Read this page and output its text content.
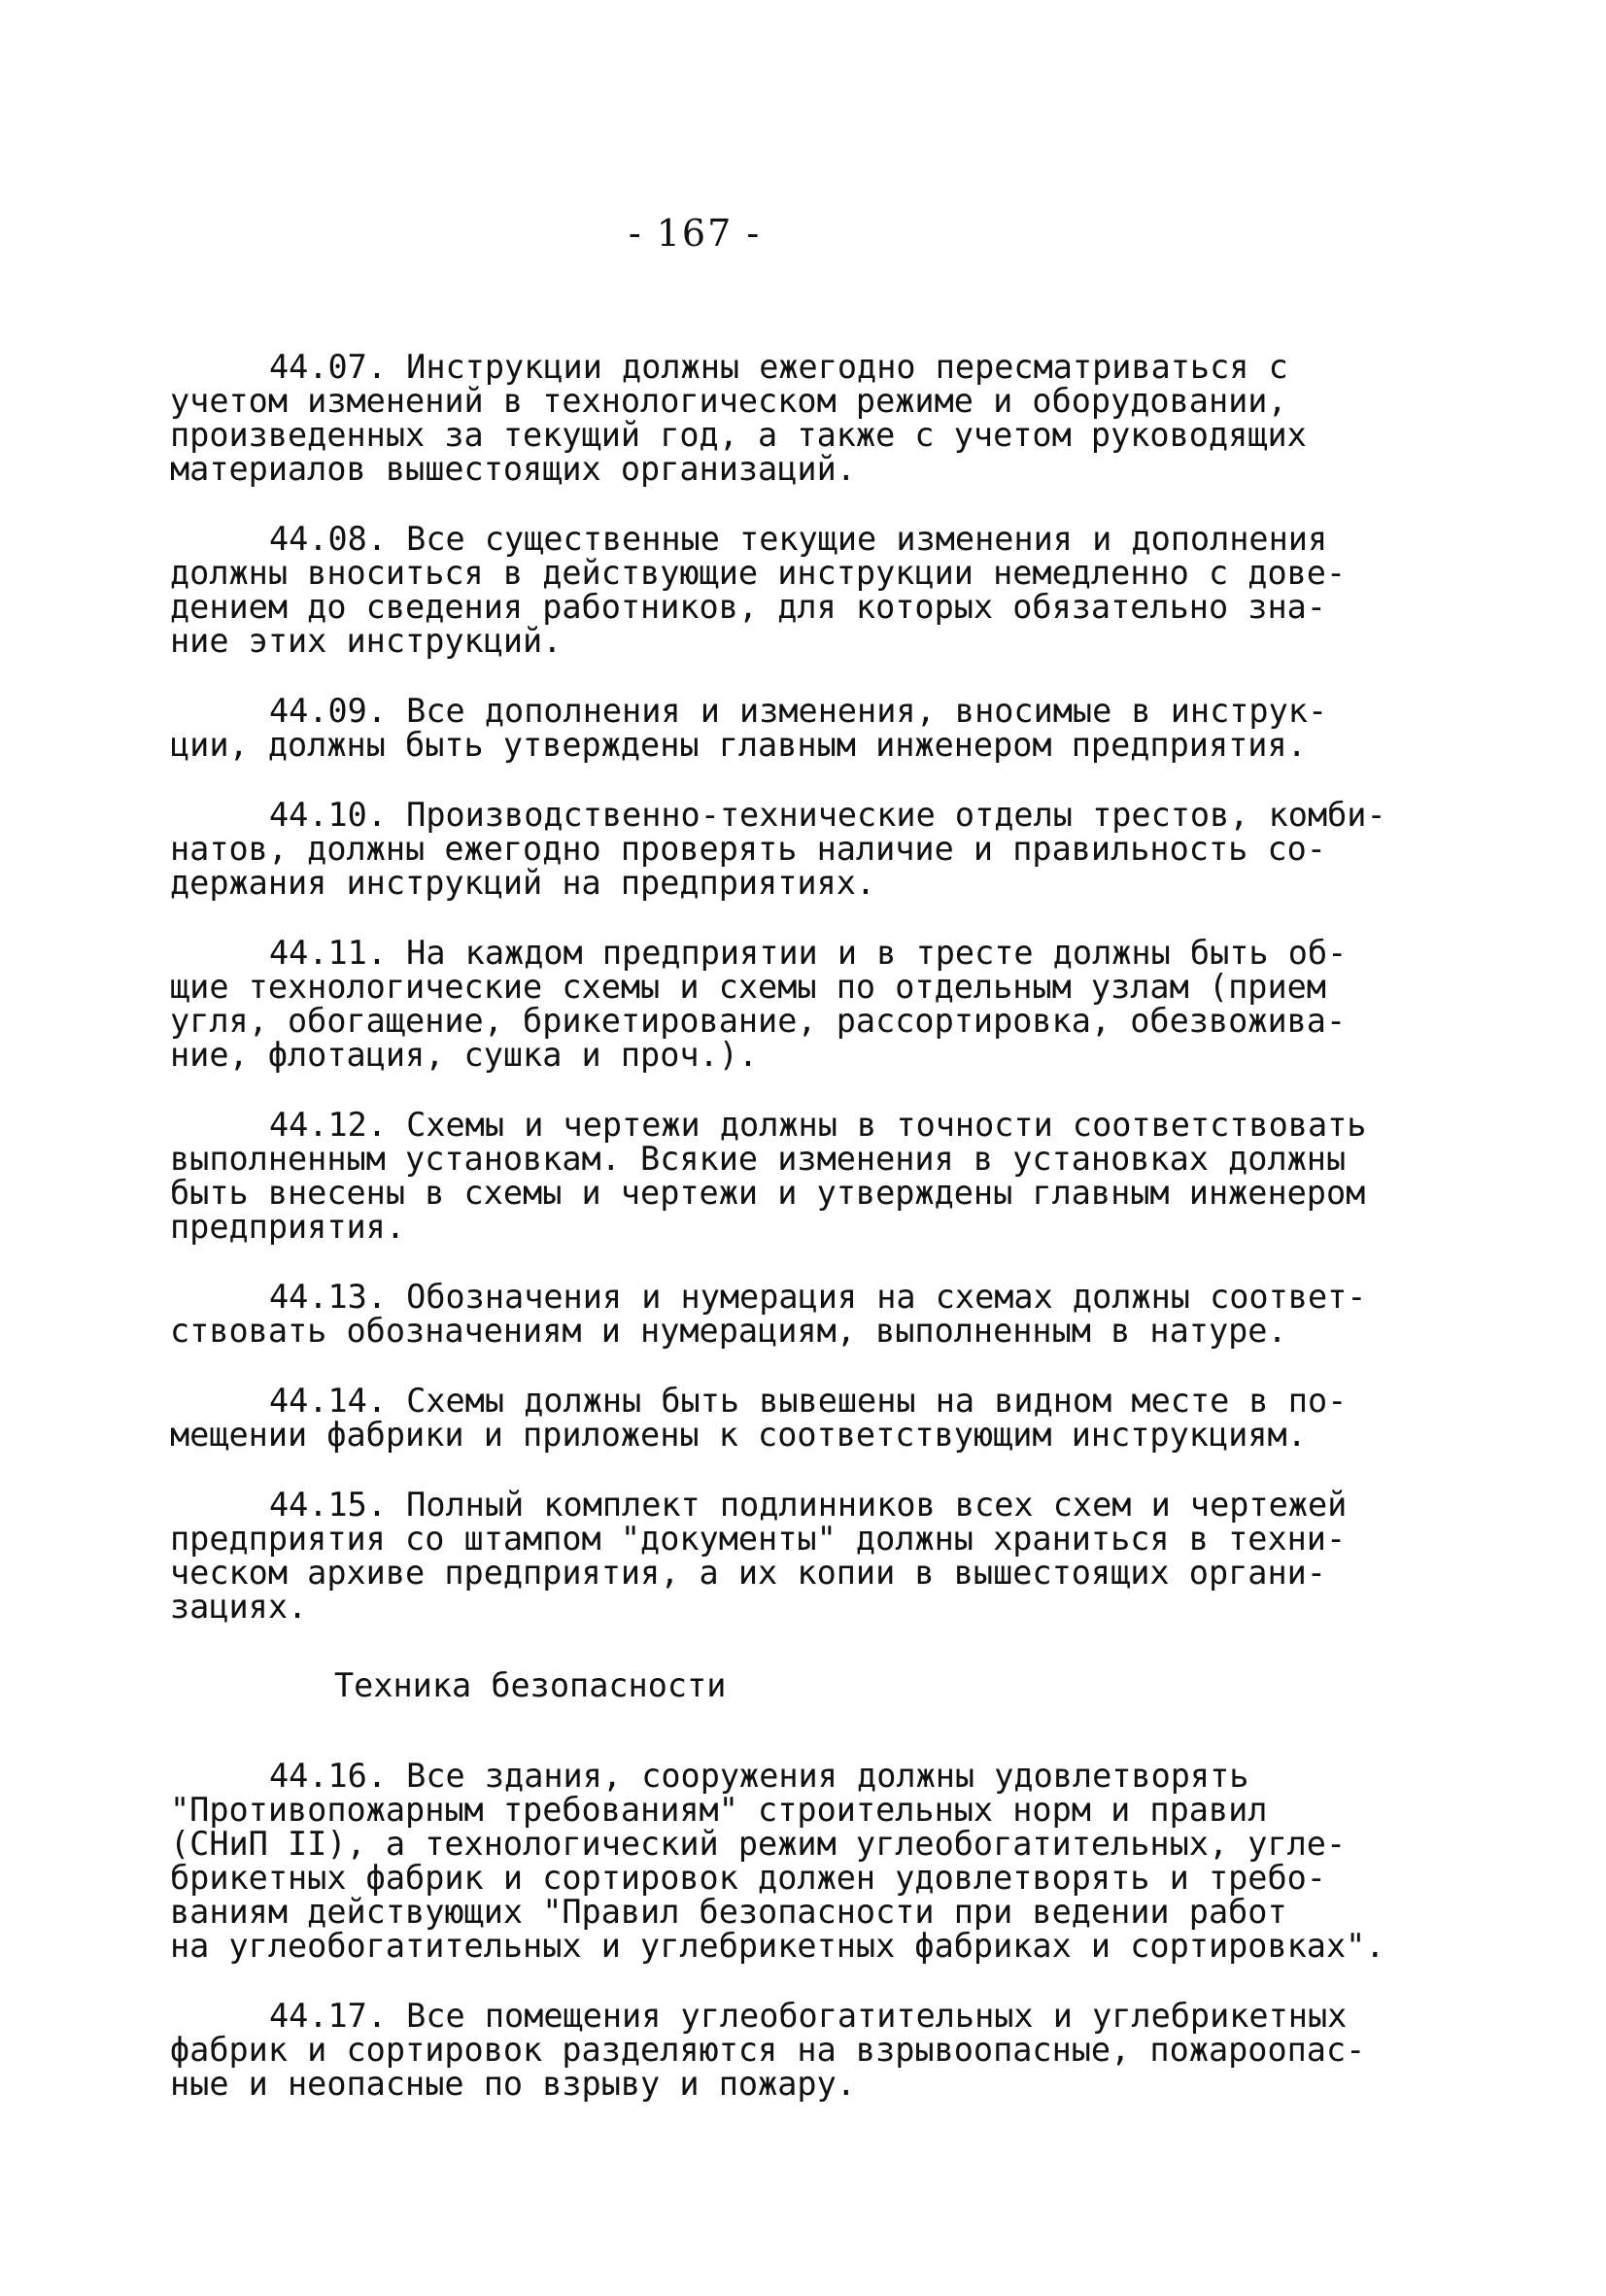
- 167 -
44.07. Инструкции должны ежегодно пересматриваться с
учетом изменений в технологическом режиме и оборудовании,
произведенных за текущий год, а также с учетом руководящих
материалов вышестоящих организаций.
44.08. Все существенные текущие изменения и дополнения
должны вноситься в действующие инструкции немедленно с дове-
дением до сведения работников, для которых обязательно зна-
ние этих инструкций.
44.09. Все дополнения и изменения, вносимые в инструк-
ции, должны быть утверждены главным инженером предприятия.
44.10. Производственно-технические отделы трестов, комби-
натов, должны ежегодно проверять наличие и правильность со-
держания инструкций на предприятиях.
44.11. На каждом предприятии и в тресте должны быть об-
щие технологические схемы и схемы по отдельным узлам (прием
угля, обогащение, брикетирование, рассортировка, обезвожива-
ние, флотация, сушка и проч.).
44.12. Схемы и чертежи должны в точности соответствовать
выполненным установкам. Всякие изменения в установках должны
быть внесены в схемы и чертежи и утверждены главным инженером
предприятия.
44.13. Обозначения и нумерация на схемах должны соответ-
ствовать обозначениям и нумерациям, выполненным в натуре.
44.14. Схемы должны быть вывешены на видном месте в по-
мещении фабрики и приложены к соответствующим инструкциям.
44.15. Полный комплект подлинников всех схем и чертежей
предприятия со штампом "документы" должны храниться в техни-
ческом архиве предприятия, а их копии в вышестоящих органи-
зациях.
Техника безопасности
44.16. Все здания, сооружения должны удовлетворять
"Противопожарным требованиям" строительных норм и правил
(СНиП II), а технологический режим углеобогатительных, угле-
брикетных фабрик и сортировок должен удовлетворять и требо-
ваниям действующих "Правил безопасности при ведении работ
на углеобогатительных и углебрикетных фабриках и сортировках".
44.17. Все помещения углеобогатительных и углебрикетных
фабрик и сортировок разделяются на взрывоопасные, пожароопас-
ные и неопасные по взрыву и пожару.
